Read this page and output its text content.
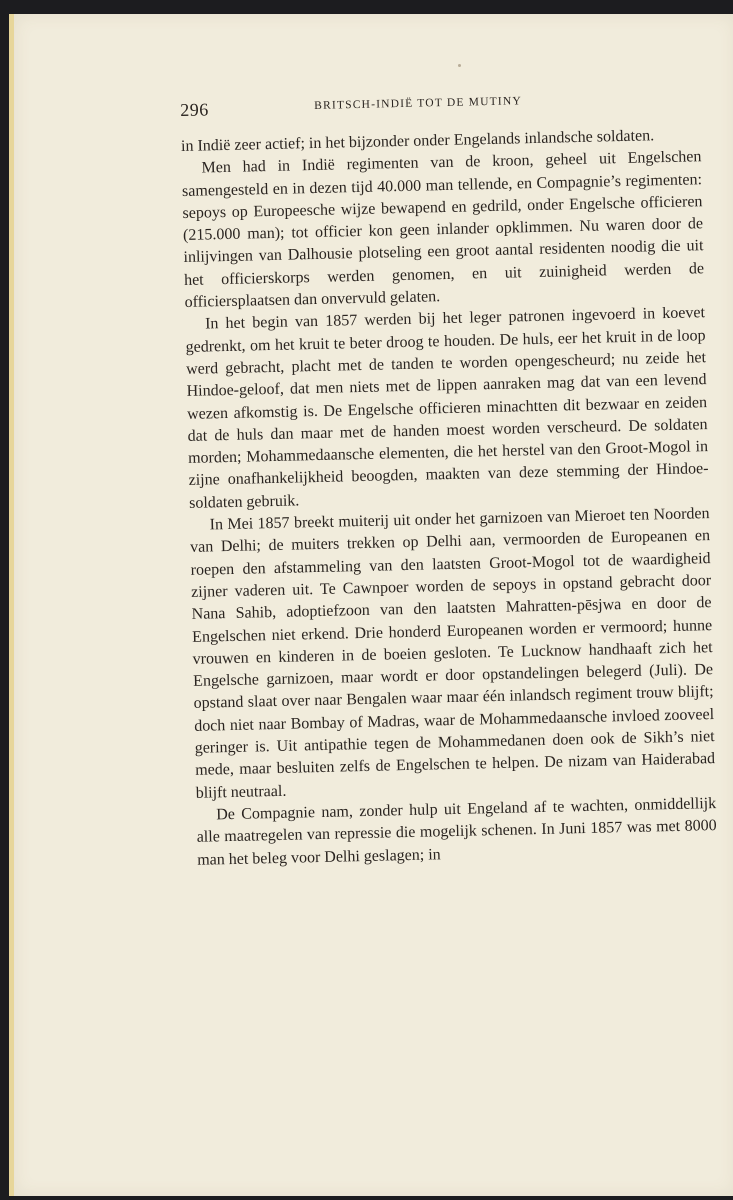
296	BRITSCH-INDIË TOT DE MUTINY

in Indië zeer actief; in het bijzonder onder Engelands inlandsche soldaten.

Men had in Indië regimenten van de kroon, geheel uit Engelschen samengesteld en in dezen tijd 40.000 man tellende, en Compagnie’s regimenten: sepoys op Europeesche wijze bewapend en gedrild, onder Engelsche officieren (215.000 man); tot officier kon geen inlander opklimmen. Nu waren door de inlijvingen van Dalhousie plotseling een groot aantal residenten noodig die uit het officierskorps werden genomen, en uit zuinigheid werden de officiersplaatsen dan onvervuld gelaten.

In het begin van 1857 werden bij het leger patronen ingevoerd in koevet gedrenkt, om het kruit te beter droog te houden. De huls, eer het kruit in de loop werd gebracht, placht met de tanden te worden opengescheurd; nu zeide het Hindoe-geloof, dat men niets met de lippen aanraken mag dat van een levend wezen afkomstig is. De Engelsche officieren minachtten dit bezwaar en zeiden dat de huls dan maar met de handen moest worden verscheurd. De soldaten morden; Mohammedaansche elementen, die het herstel van den Groot-Mogol in zijne onafhankelijkheid beoogden, maakten van deze stemming der Hindoe-soldaten gebruik.

In Mei 1857 breekt muiterij uit onder het garnizoen van Mieroet ten Noorden van Delhi; de muiters trekken op Delhi aan, vermoorden de Europeanen en roepen den afstammeling van den laatsten Groot-Mogol tot de waardigheid zijner vaderen uit. Te Cawnpoer worden de sepoys in opstand gebracht door Nana Sahib, adoptiefzoon van den laatsten Mahratten-pēsjwa en door de Engelschen niet erkend. Drie honderd Europeanen worden er vermoord; hunne vrouwen en kinderen in de boeien gesloten. Te Lucknow handhaaft zich het Engelsche garnizoen, maar wordt er door opstandelingen belegerd (Juli). De opstand slaat over naar Bengalen waar maar één inlandsch regiment trouw blijft; doch niet naar Bombay of Madras, waar de Mohammedaansche invloed zooveel geringer is. Uit antipathie tegen de Mohammedanen doen ook de Sikh’s niet mede, maar besluiten zelfs de Engelschen te helpen. De nizam van Haiderabad blijft neutraal.

De Compagnie nam, zonder hulp uit Engeland af te wachten, onmiddellijk alle maatregelen van repressie die mogelijk schenen. In Juni 1857 was met 8000 man het beleg voor Delhi geslagen; in
